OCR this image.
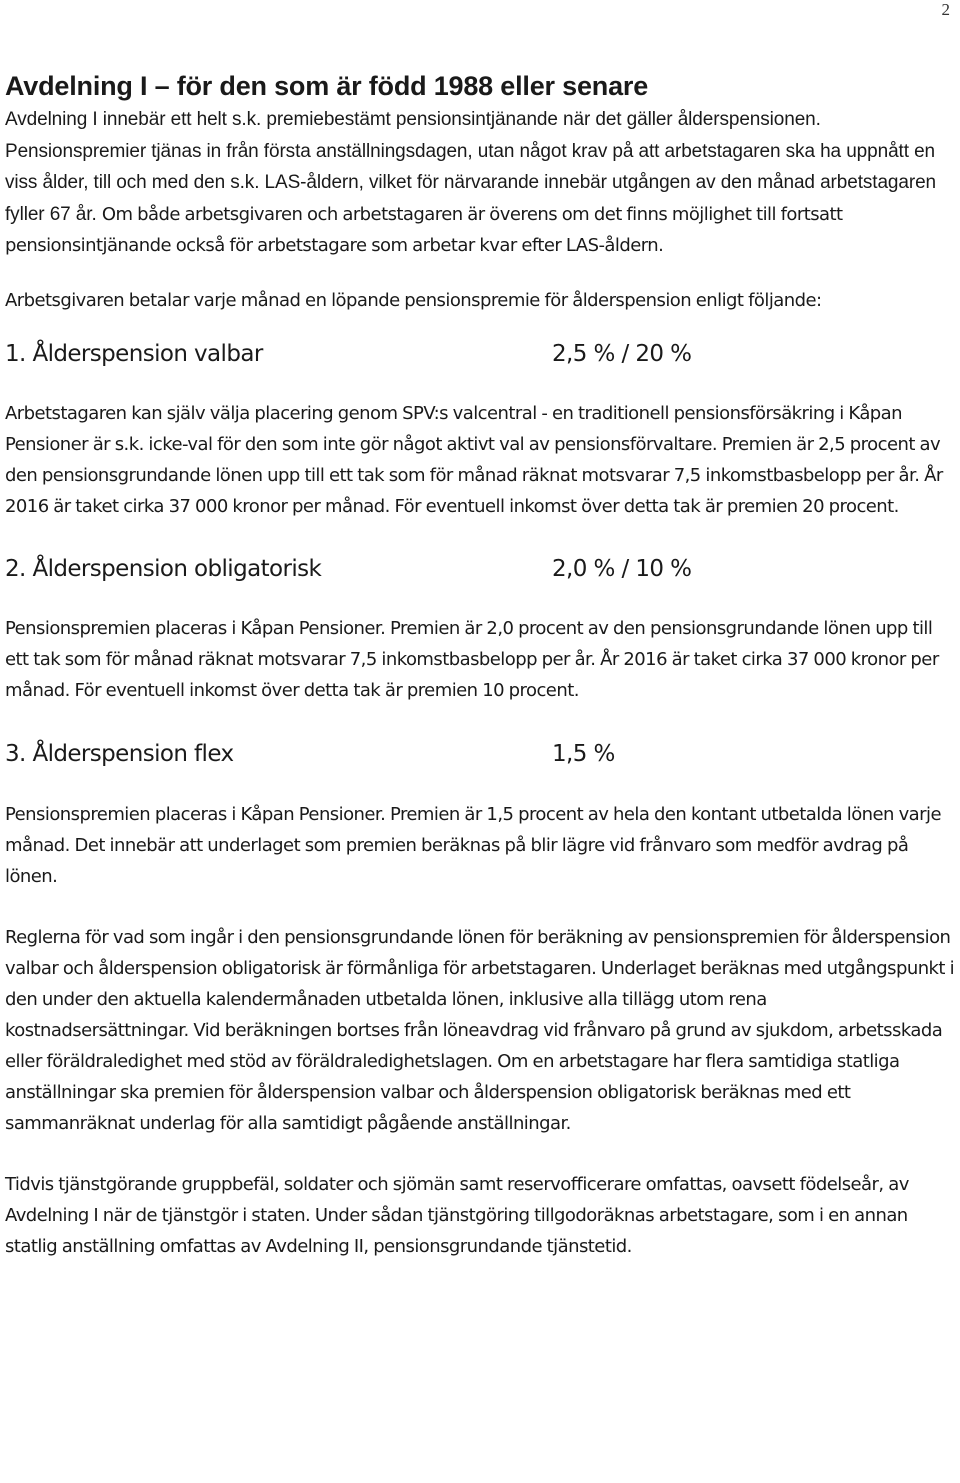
2
Avdelning I – för den som är född 1988 eller senare

Avdelning I innebär ett helt s.k. premiebestämt pensionsintjänande när det gäller ålderspensionen. Pensionspremier tjänas in från första anställningsdagen, utan något krav på att arbetstagaren ska ha uppnått en viss ålder, till och med den s.k. LAS-åldern, vilket för närvarande innebär utgången av den månad arbetstagaren fyller 67 år. Om både arbetsgivaren och arbetstagaren är överens om det finns möjlighet till fortsatt pensionsintjänande också för arbetstagare som arbetar kvar efter LAS-åldern.

Arbetsgivaren betalar varje månad en löpande pensionspremie för ålderspension enligt följande:

1. Ålderspension valbar	2,5 % / 20 %

Arbetstagaren kan själv välja placering genom SPV:s valcentral - en traditionell pensionsförsäkring i Kåpan Pensioner är s.k. icke-val för den som inte gör något aktivt val av pensionsförvaltare. Premien är 2,5 procent av den pensionsgrundande lönen upp till ett tak som för månad räknat motsvarar 7,5 inkomstbasbelopp per år. År 2016 är taket cirka 37 000 kronor per månad. För eventuell inkomst över detta tak är premien 20 procent.

2. Ålderspension obligatorisk	2,0 % / 10 %

Pensionspremien placeras i Kåpan Pensioner. Premien är 2,0 procent av den pensionsgrundande lönen upp till ett tak som för månad räknat motsvarar 7,5 inkomstbasbelopp per år. År 2016 är taket cirka 37 000 kronor per månad. För eventuell inkomst över detta tak är premien 10 procent.

3. Ålderspension flex	1,5 %

Pensionspremien placeras i Kåpan Pensioner. Premien är 1,5 procent av hela den kontant utbetalda lönen varje månad. Det innebär att underlaget som premien beräknas på blir lägre vid frånvaro som medför avdrag på lönen.

Reglerna för vad som ingår i den pensionsgrundande lönen för beräkning av pensionspremien för ålderspension valbar och ålderspension obligatorisk är förmånliga för arbetstagaren. Underlaget beräknas med utgångspunkt i den under den aktuella kalendermånaden utbetalda lönen, inklusive alla tillägg utom rena kostnadsersättningar. Vid beräkningen bortses från löneavdrag vid frånvaro på grund av sjukdom, arbetsskada eller föräldraledighet med stöd av föräldraledighetslagen. Om en arbetstagare har flera samtidiga statliga anställningar ska premien för ålderspension valbar och ålderspension obligatorisk beräknas med ett sammanräknat underlag för alla samtidigt pågående anställningar.

Tidvis tjänstgörande gruppbefäl, soldater och sjömän samt reservofficerare omfattas, oavsett födelseår, av Avdelning I när de tjänstgör i staten. Under sådan tjänstgöring tillgodoräknas arbetstagare, som i en annan statlig anställning omfattas av Avdelning II, pensionsgrundande tjänstetid.
